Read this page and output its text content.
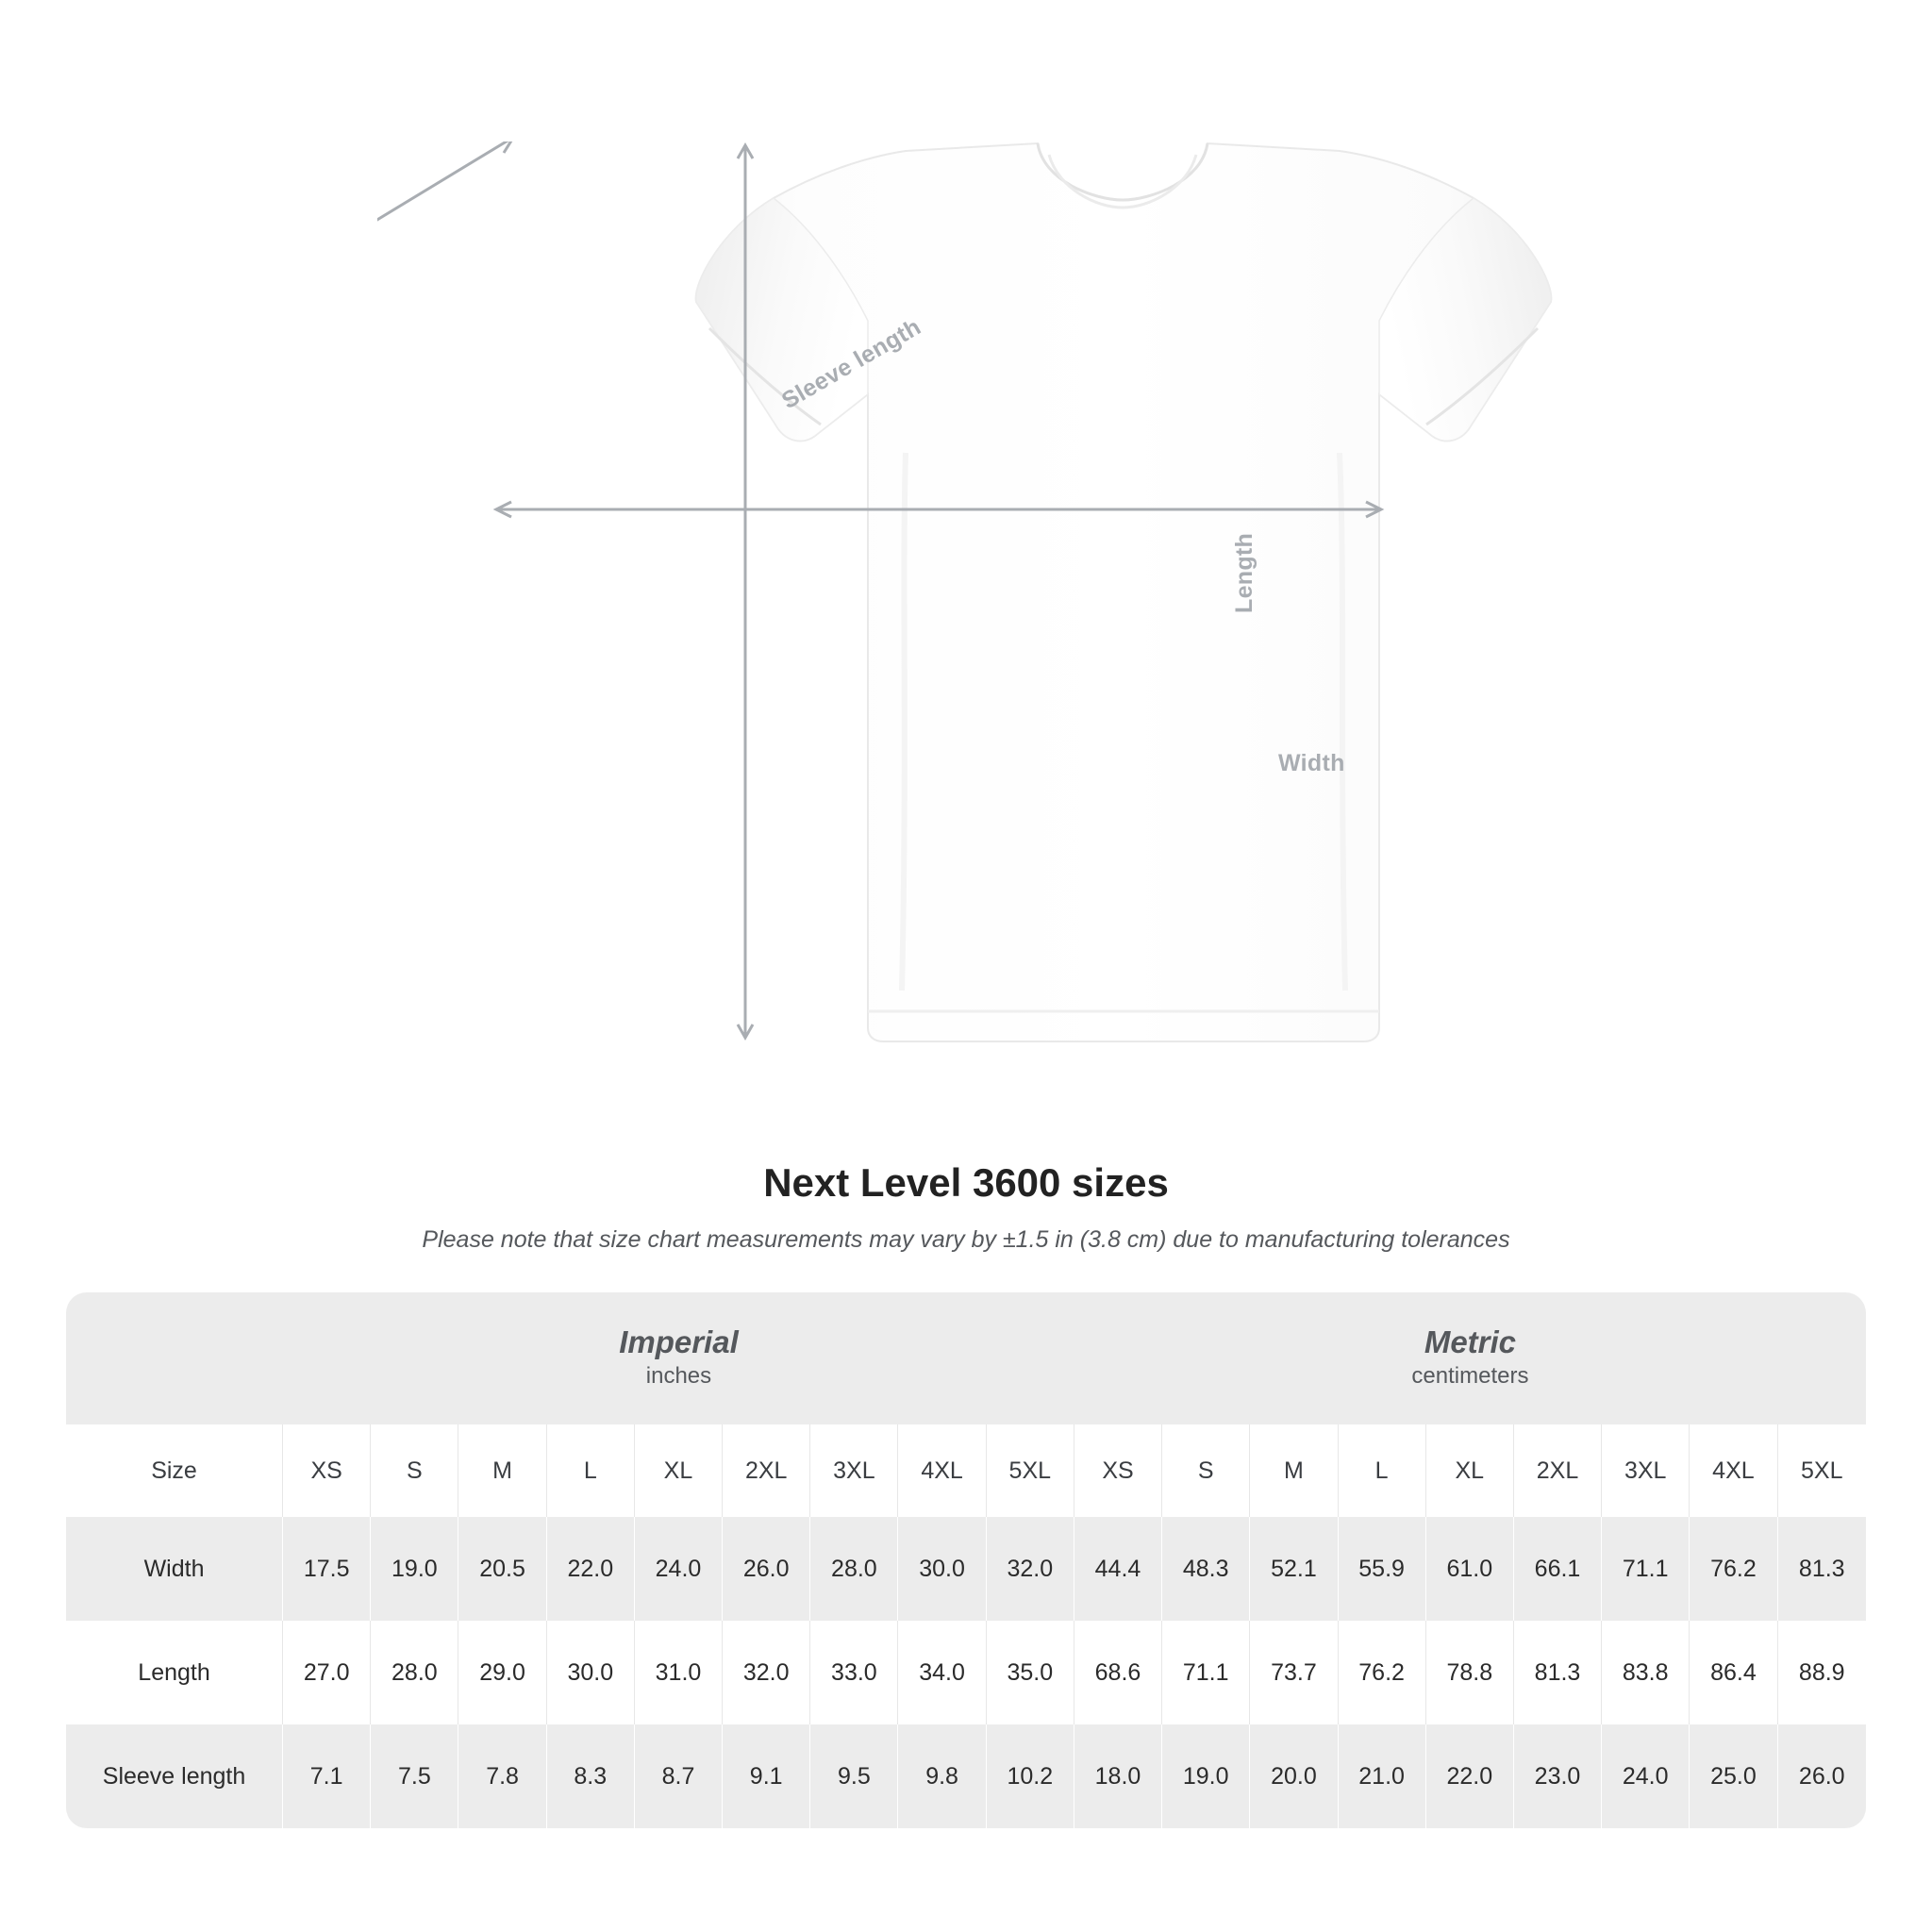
Width
Length
Sleeve length
Next Level 3600 sizes

Please note that size chart measurements may vary by ±1.5 in (3.8 cm) due to manufacturing tolerances

	Imperial
inches									Metric
centimeters								

Size	XS	S	M	L	XL	2XL	3XL	4XL	5XL	XS	S	M	L	XL	2XL	3XL	4XL	5XL
Width	17.5	19.0	20.5	22.0	24.0	26.0	28.0	30.0	32.0	44.4	48.3	52.1	55.9	61.0	66.1	71.1	76.2	81.3
Length	27.0	28.0	29.0	30.0	31.0	32.0	33.0	34.0	35.0	68.6	71.1	73.7	76.2	78.8	81.3	83.8	86.4	88.9
Sleeve length	7.1	7.5	7.8	8.3	8.7	9.1	9.5	9.8	10.2	18.0	19.0	20.0	21.0	22.0	23.0	24.0	25.0	26.0
